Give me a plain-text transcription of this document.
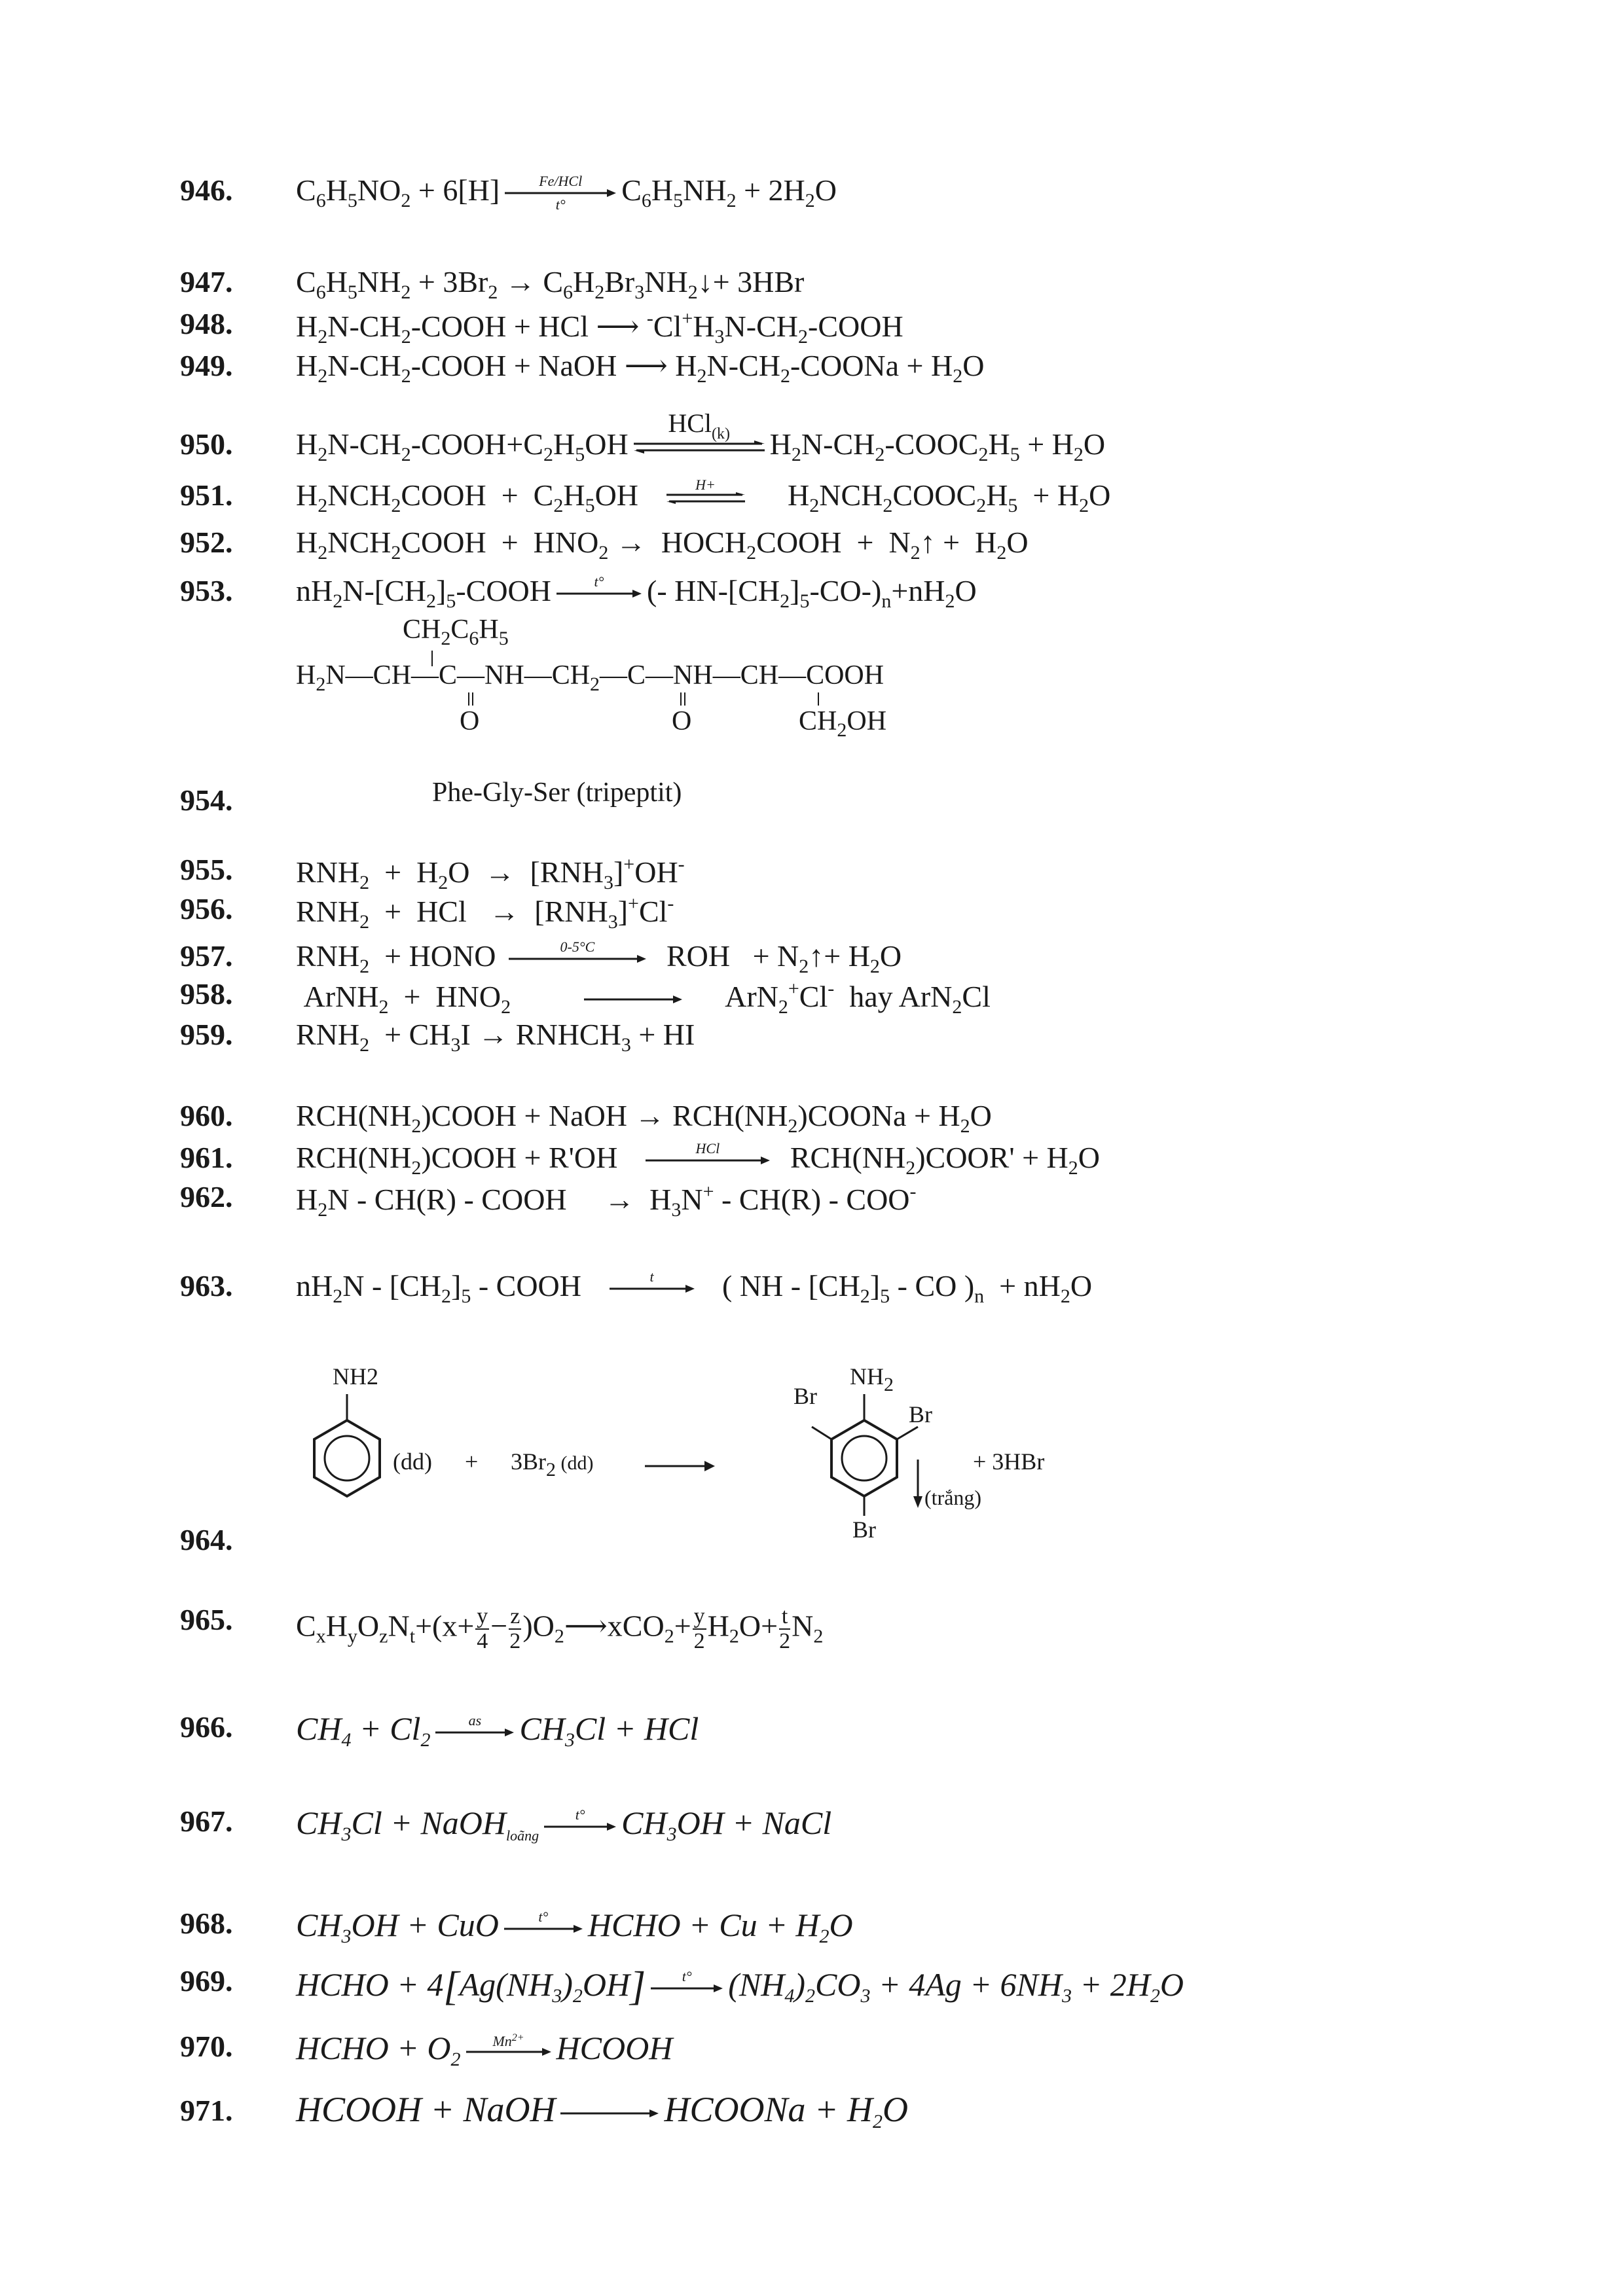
946. $C_6H_5NO_2 + 6[H]$	Fe/HCl
t°	$C_6H_5NH_2 + 2H_2O$
947. $C_6H_5NH_2 + 3Br_2$ → $C_6H_2Br_3NH_2↓+ 3HBr$
948. $H_2N-CH_2$-COOH + HCl ⟶ $^-Cl^+H_3N-CH_2$-COOH
949. $H_2N-CH_2$-COOH + NaOH ⟶ $H_2N-CH_2$-COONa + $H_2O$
950. $H_2N-CH_2-COOH+C_2H_5OH$
HCl$_{(k)}$	$H_2N-CH_2-COOC_2H_5 + H_2O$
951. $H_2NCH_2COOH + C_2H_5OH$	H+	$H_2NCH_2COOC_2H_5 + H_2O$
952. $H_2NCH_2COOH + HNO_2$ →  $HOCH_2COOH$  +  $N_2↑ + H_2O$
953. $nH_2N-[CH_2]_5$-COOH	t°	(- $HN-[CH_2]_5-CO-)_n+nH_2O$
$CH_2C_6H_5$
$H_2N—CH—C—NH—CH_2—C—NH—CH—COOH$
O	O	$CH_2OH$
954.	Phe-Gly-Ser (tripeptit)
955. $RNH_2 + H_2O \to [RNH_3]^+OH^-$
956. $RNH_2$  +  HCl   →  $[RNH_3]^+Cl^-$
957. $RNH_2$  + HONO	0-5°C	ROH   + $N_2↑+ H_2O$
958. ArNH$_2$  +  $HNO_2 \to ArN_2^+Cl^-$  hay ArN$_2$Cl
959. $RNH_2 + CH_3I$ → $RNHCH_3$ + HI
960. $RCH(NH_2)COOH$ + NaOH → $RCH(NH_2)COONa + H_2O$
961. $RCH(NH_2)COOH + R'OH$	HCl	$RCH(NH_2)COOR' + H_2O$
962. $H_2N - CH(R)$ - COOH     →  $H_3N^+ - CH(R) - COO^-$
963. $nH_2N - [CH_2]_5$ - COOH	t	( NH - $[CH_2]_5$ - CO )$_n + nH_2O$
NH2
$(dd) + 3Br_2$ (dd)
$NH_2$
Br
Br
Br
(trắng)
+ 3HBr
964.
965. $C_xH_yO_zN_t+(x+ \frac{y}{4} - \frac{z}{2}$ )$O_2⟶xCO_2+ \frac{y}{2} H_2O+ \frac{t}{2} N_2$
966. $CH_4 + Cl_2$
as	$CH_3Cl$ + HCl
967. $CH_3Cl$ + NaOH$_{loãng}$
t°	$CH_3OH$ + NaCl
968. $CH_3OH$ + CuO	t°	HCHO + $Cu + H_2O$
969. HCHO + $4[Ag(NH_3)_2OH]$	t°	$(NH_4)_2CO_3 + 4Ag + 6NH_3 + 2H_2O$
970. HCHO + $O_2$
$Mn^{2+}$ HCOOH
971. HCOOH + NaOH → HCOONa + $H_2O$
